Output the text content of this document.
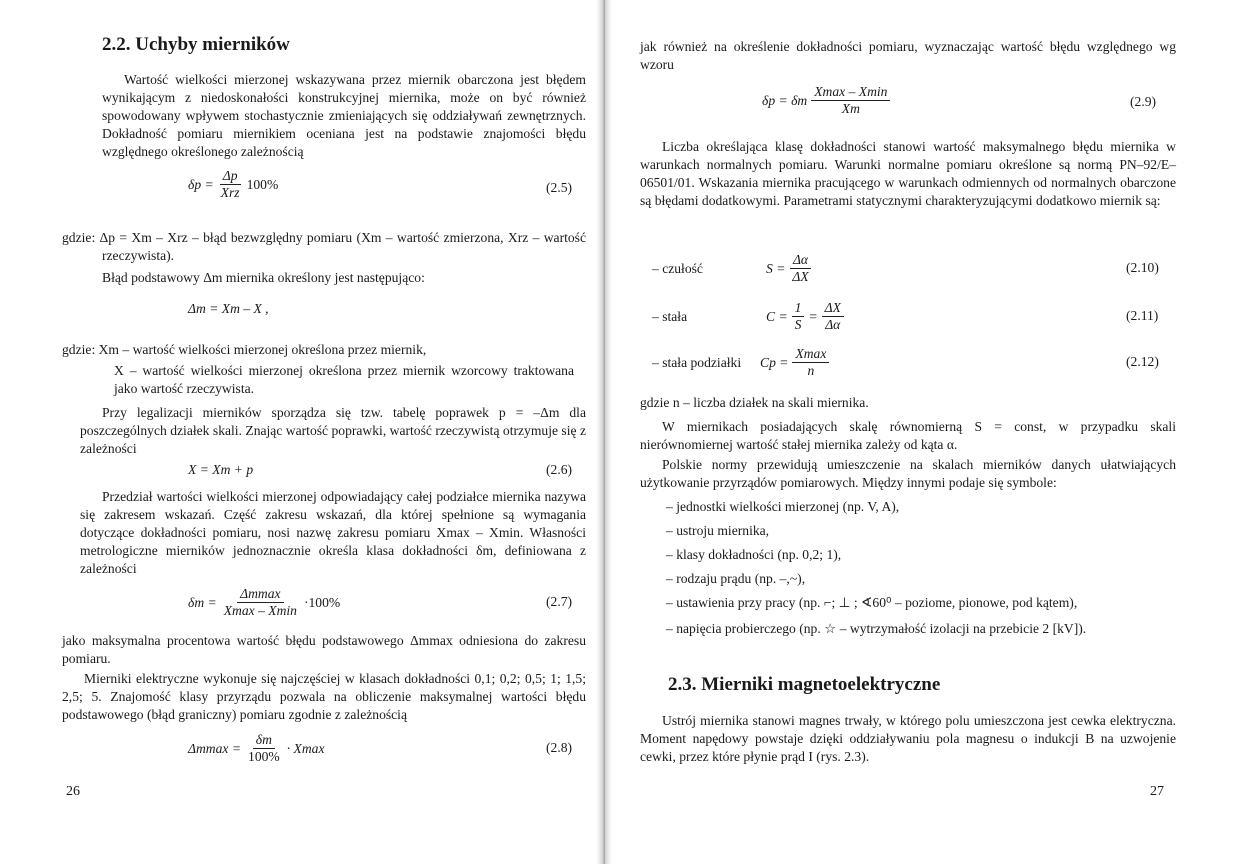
2.2. Uchyby mierników
Wartość wielkości mierzonej wskazywana przez miernik obarczona jest błędem wynikającym z niedoskonałości konstrukcyjnej miernika, może on być również spowodowany wpływem stochastycznie zmieniających się oddziaływań zewnętrznych. Dokładność pomiaru miernikiem oceniana jest na podstawie znajomości błędu względnego określonego zależnością
$\delta p = \frac{\Delta p}{\text{Xrz}} 100\%$	(2.5)
gdzie: Δp = Xm – Xrz – błąd bezwzględny pomiaru (Xm – wartość zmierzona, Xrz – wartość rzeczywista).
Błąd podstawowy Δm miernika określony jest następująco:
Δm = Xm – X ,
gdzie: Xm – wartość wielkości mierzonej określona przez miernik,
X – wartość wielkości mierzonej określona przez miernik wzorcowy traktowana jako wartość rzeczywista.
Przy legalizacji mierników sporządza się tzw. tabelę poprawek p = –Δm dla poszczególnych działek skali. Znając wartość poprawki, wartość rzeczywistą otrzymuje się z zależności
X = Xm + p	(2.6)
Przedział wartości wielkości mierzonej odpowiadający całej podziałce miernika nazywa się zakresem wskazań. Część zakresu wskazań, dla której spełnione są wymagania dotyczące dokładności pomiaru, nosi nazwę zakresu pomiaru Xmax – Xmin. Własności metrologiczne mierników jednoznacznie określa klasa dokładności δm, definiowana z zależności
$\delta m = \frac{\Delta mmax}{Xmax - Xmin} \cdot 100\%$	(2.7)
jako maksymalna procentowa wartość błędu podstawowego Δmmax odniesiona do zakresu pomiaru.
Mierniki elektryczne wykonuje się najczęściej w klasach dokładności 0,1; 0,2; 0,5; 1; 1,5; 2,5; 5. Znajomość klasy przyrządu pozwala na obliczenie maksymalnej wartości błędu podstawowego (błąd graniczny) pomiaru zgodnie z zależnością
$\Delta mmax = \frac{\delta m}{100\%} \cdot Xmax$	(2.8)
26
jak również na określenie dokładności pomiaru, wyznaczając wartość błędu względnego wg wzoru
δp = δm $\frac{Xmax - Xmin}{Xm}$	(2.9)
Liczba określająca klasę dokładności stanowi wartość maksymalnego błędu miernika w warunkach normalnych pomiaru. Warunki normalne pomiaru określone są normą PN–92/E–06501/01. Wskazania miernika pracującego w warunkach odmiennych od normalnych obarczone są błędami dodatkowymi. Parametrami statycznymi charakteryzującymi dodatkowo miernik są:
– czułość	$S = \frac{\Delta\alpha}{\Delta X}$	(2.10)
– stała	$C = \frac{1}{S} = \frac{\Delta X}{\Delta\alpha}$	(2.11)
– stała podziałki $Cp = \frac{Xmax}{n}$	(2.12)
gdzie n – liczba działek na skali miernika.
W miernikach posiadających skalę równomierną S = const, w przypadku skali nierównomiernej wartość stałej miernika zależy od kąta α.
Polskie normy przewidują umieszczenie na skalach mierników danych ułatwiających użytkowanie przyrządów pomiarowych. Między innymi podaje się symbole:
– jednostki wielkości mierzonej (np. V, A),
– ustroju miernika,
– klasy dokładności (np. 0,2; 1),
– rodzaju prądu (np. –,~),
– ustawienia przy pracy (np. ⌐; ⊥ ; ∢60⁰ – poziome, pionowe, pod kątem),
– napięcia probierczego (np. ☆ – wytrzymałość izolacji na przebicie 2 [kV]).
2.3. Mierniki magnetoelektryczne
Ustrój miernika stanowi magnes trwały, w którego polu umieszczona jest cewka elektryczna. Moment napędowy powstaje dzięki oddziaływaniu pola magnesu o indukcji B na uzwojenie cewki, przez które płynie prąd I (rys. 2.3).
27
